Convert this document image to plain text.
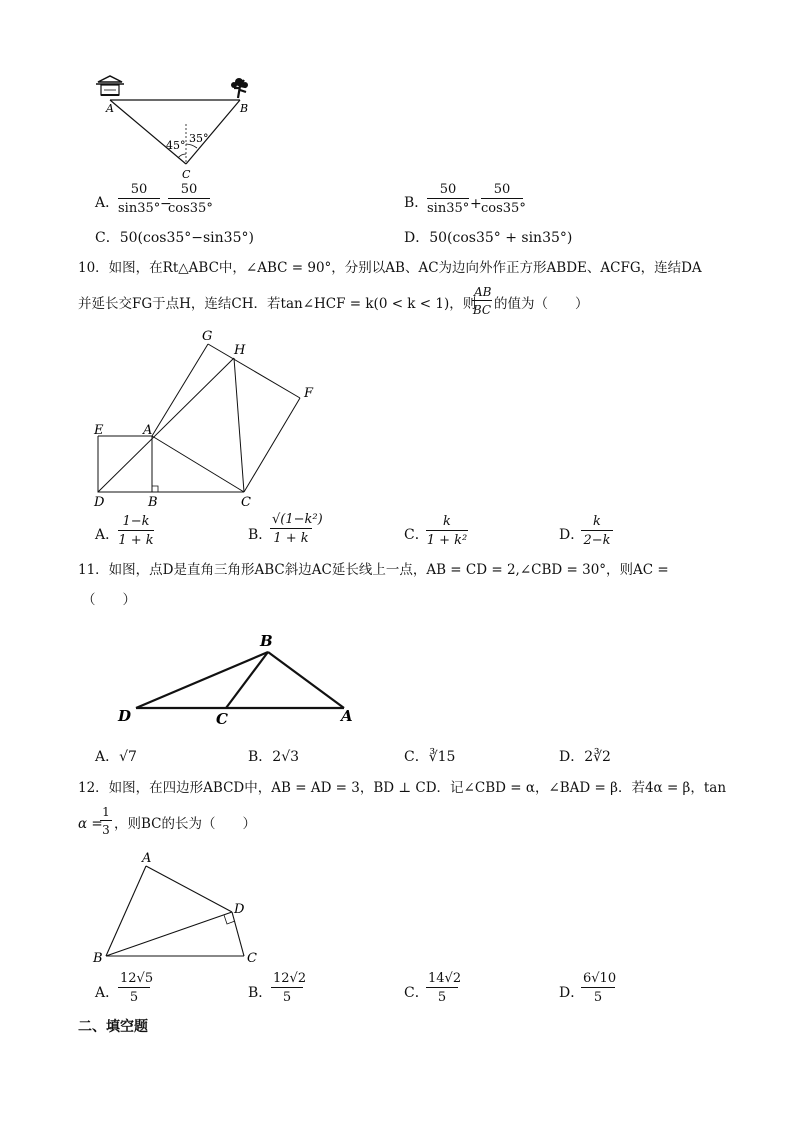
A	B
C
45°
35°
A．
$\frac{50}{\sin 35^\circ}$ −
$\frac{50}{\cos 35^\circ}$	B．
$\frac{50}{\sin 35^\circ} + \frac{50}{\cos 35^\circ}$
C．50(cos35°−sin35°)	D．50(cos35° + sin35°)
10．如图，在Rt△ABC中，∠ABC = 90°，分别以AB、AC为边向外作正方形ABDE、ACFG，连结DA
并延长交FG于点H，连结CH．若tan∠HCF = k(0 < k < 1)，则
$\frac{AB}{BC}$ 的值为（　　）
G
H
F
E	A
D	B	C
A．
$\frac{1-k}{1 + k}$	B．
$\frac{\text{√(1−k²)}}{1 + k}$	C．
$\frac{k}{\text{1 + k²}}$	D．
$\frac{k}{2-k}$
11．如图，点D是直角三角形ABC斜边AC延长线上一点，AB = CD = 2,∠CBD = 30°，则AC =
（　　）
B
D	C	A
A．√7	B．2√3	C．∛15	D．2∛2
12．如图，在四边形ABCD中，AB = AD = 3，BD ⊥ CD．记∠CBD = α，∠BAD = β．若4α = β，tan
α =
$\frac{1}{3}$ ，则BC的长为（　　）
A
D
B	C
A．
$\frac{12√5}{5}$	B．
$\frac{12√2}{5}$	C．
$\frac{14√2}{5}$	D．
$\frac{6√10}{5}$
二、填空题
